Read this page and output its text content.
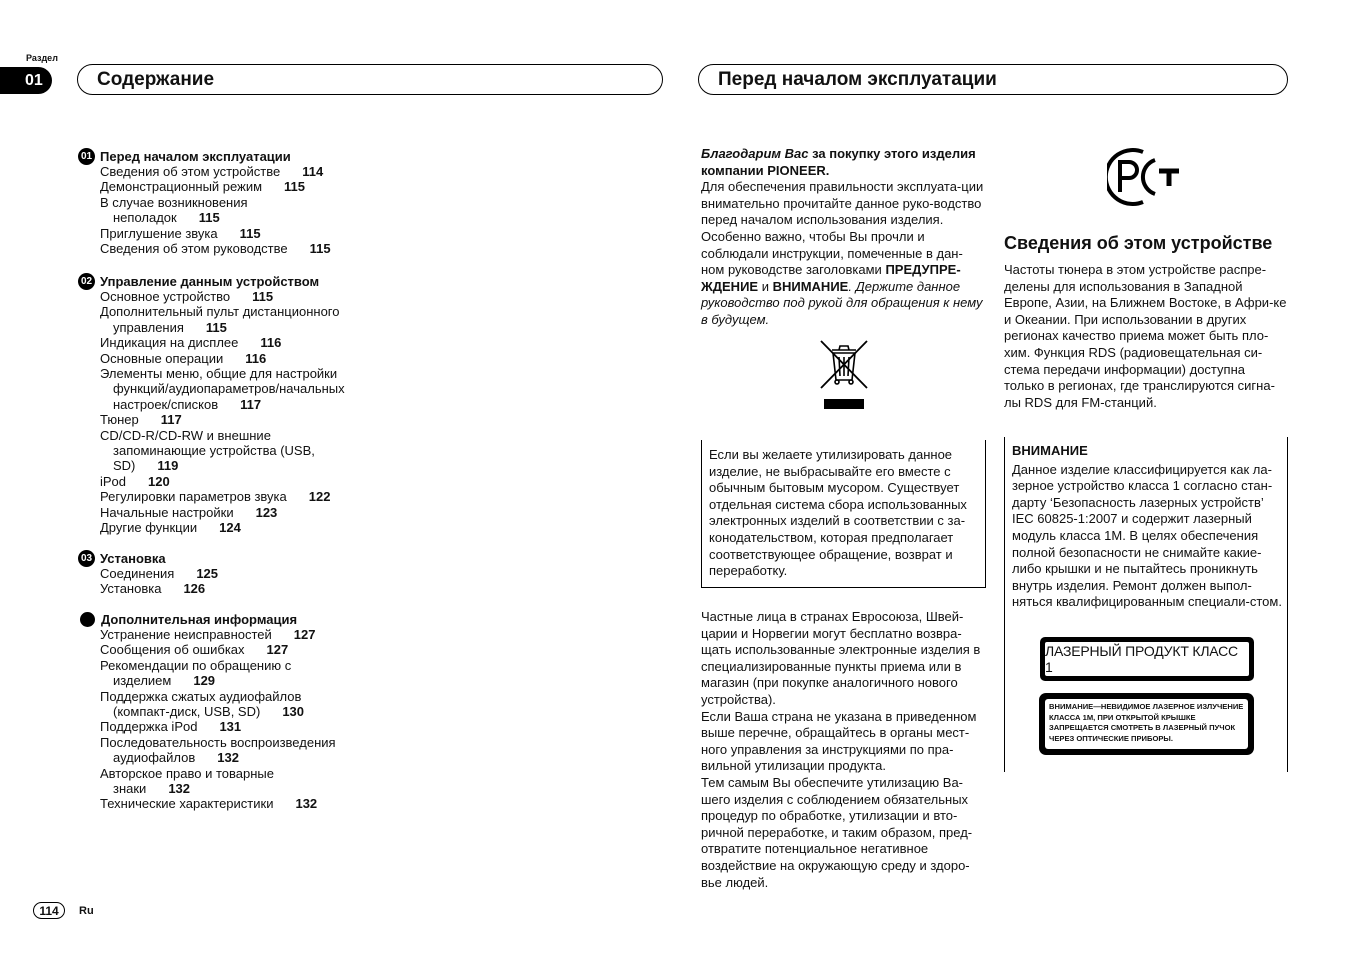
Раздел
01	Содержание	Перед началом эксплуатации
01 Перед началом эксплуатации
Сведения об этом устройстве 114
Демонстрационный режим 115
В случае возникновения
неполадок 115
Приглушение звука 115
Сведения об этом руководстве 115
02 Управление данным устройством
Основное устройство 115
Дополнительный пульт дистанционного
управления 115
Индикация на дисплее 116
Основные операции 116
Элементы меню, общие для настройки
функций/аудиопараметров/начальных
настроек/списков 117
Тюнер 117
CD/CD-R/CD-RW и внешние
запоминающие устройства (USB,
SD) 119
iPod 120
Регулировки параметров звука 122
Начальные настройки 123
Другие функции 124
03 Установка
Соединения 125
Установка 126
Дополнительная информация
Устранение неисправностей 127
Сообщения об ошибках 127
Рекомендации по обращению с
изделием 129
Поддержка сжатых аудиофайлов
(компакт-диск, USB, SD) 130
Поддержка iPod 131
Последовательность воспроизведения
аудиофайлов 132
Авторское право и товарные
знаки 132
Технические характеристики 132
Благодарим Вас за покупку этого изделия компании PIONEER.
Для обеспечения правильности эксплуата-ции внимательно прочитайте данное руко-водство перед началом использования изделия. Особенно важно, чтобы Вы прочли и соблюдали инструкции, помеченные в дан-ном руководстве заголовками ПРЕДУПРЕ-ЖДЕНИЕ и ВНИМАНИЕ. Держите данное руководство под рукой для обращения к нему в будущем.
Если вы желаете утилизировать данное изделие, не выбрасывайте его вместе с обычным бытовым мусором. Существует отдельная система сбора использованных электронных изделий в соответствии с за-конодательством, которая предполагает соответствующее обращение, возврат и переработку.
Частные лица в странах Евросоюза, Швей-царии и Норвегии могут бесплатно возвра-щать использованные электронные изделия в специализированные пункты приема или в магазин (при покупке аналогичного нового устройства).
Если Ваша страна не указана в приведенном выше перечне, обращайтесь в органы мест-ного управления за инструкциями по пра-вильной утилизации продукта.
Тем самым Вы обеспечите утилизацию Ва-шего изделия с соблюдением обязательных процедур по обработке, утилизации и вто-ричной переработке, и таким образом, пред-отвратите потенциальное негативное воздействие на окружающую среду и здоро-вье людей.
Сведения об этом устройстве
Частоты тюнера в этом устройстве распре-делены для использования в Западной Европе, Азии, на Ближнем Востоке, в Афри-ке и Океании. При использовании в других регионах качество приема может быть пло-хим. Функция RDS (радиовещательная си-стема передачи информации) доступна только в регионах, где транслируются сигна-лы RDS для FM-станций.
ВНИМАНИЕ
Данное изделие классифицируется как ла-зерное устройство класса 1 согласно стан-дарту ‘Безопасность лазерных устройств’ IEC 60825-1:2007 и содержит лазерный модуль класса 1M. В целях обеспечения полной безопасности не снимайте какие-либо крышки и не пытайтесь проникнуть внутрь изделия. Ремонт должен выпол-няться квалифицированным специали-стом.
ЛАЗЕРНЫЙ ПРОДУКТ КЛАСС 1
ВНИМАНИЕ—НЕВИДИМОЕ ЛАЗЕРНОЕ ИЗЛУЧЕНИЕ КЛАССА 1M, ПРИ ОТКРЫТОЙ КРЫШКЕ ЗАПРЕЩАЕТСЯ СМОТРЕТЬ В ЛАЗЕРНЫЙ ПУЧОК ЧЕРЕЗ ОПТИЧЕСКИЕ ПРИБОРЫ.
114	Ru
